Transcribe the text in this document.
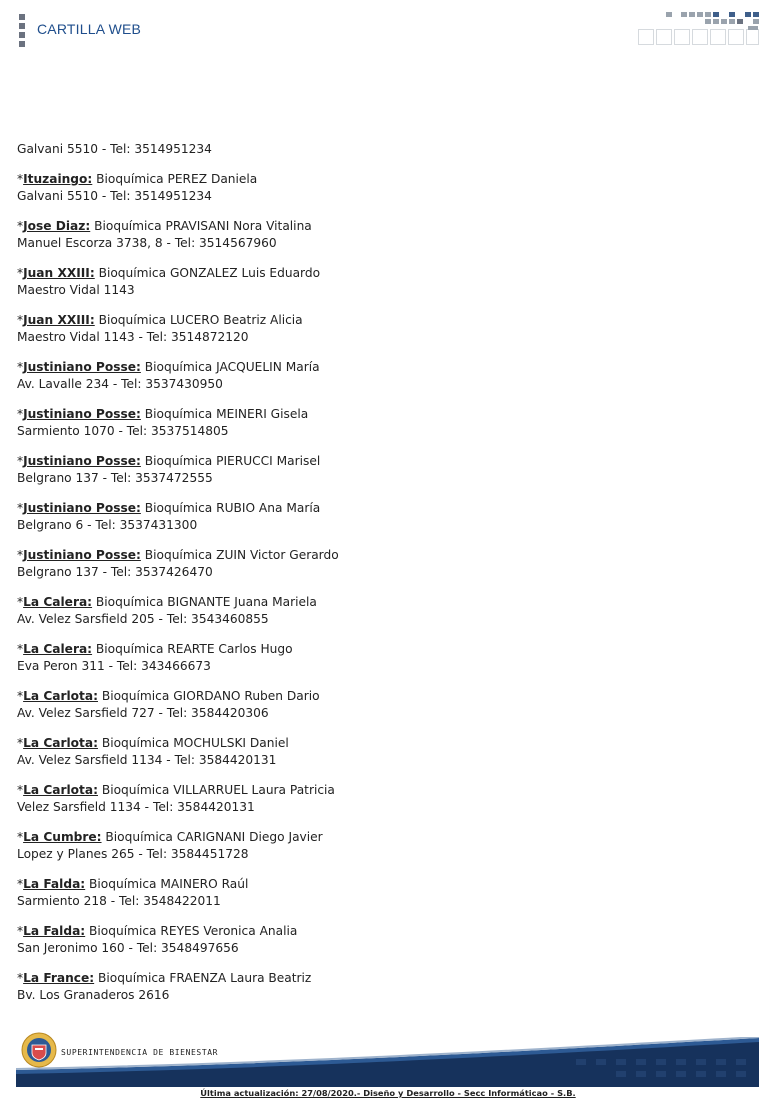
CARTILLA WEB
Galvani 5510 - Tel: 3514951234
*Ituzaingo: Bioquímica PEREZ Daniela
Galvani 5510 - Tel: 3514951234
*Jose Diaz: Bioquímica PRAVISANI Nora Vitalina
Manuel Escorza 3738, 8 - Tel: 3514567960
*Juan XXIII: Bioquímica GONZALEZ Luis Eduardo
Maestro Vidal 1143
*Juan XXIII: Bioquímica LUCERO Beatriz Alicia
Maestro Vidal 1143 - Tel: 3514872120
*Justiniano Posse: Bioquímica JACQUELIN María
Av. Lavalle 234 - Tel: 3537430950
*Justiniano Posse: Bioquímica MEINERI Gisela
Sarmiento 1070 - Tel: 3537514805
*Justiniano Posse: Bioquímica PIERUCCI Marisel
Belgrano 137 - Tel: 3537472555
*Justiniano Posse: Bioquímica RUBIO Ana María
Belgrano 6 - Tel: 3537431300
*Justiniano Posse: Bioquímica ZUIN Victor Gerardo
Belgrano 137 - Tel: 3537426470
*La Calera: Bioquímica BIGNANTE Juana Mariela
Av. Velez Sarsfield 205 - Tel: 3543460855
*La Calera: Bioquímica REARTE Carlos Hugo
Eva Peron 311 - Tel: 343466673
*La Carlota: Bioquímica GIORDANO Ruben Dario
Av. Velez Sarsfield 727 - Tel: 3584420306
*La Carlota: Bioquímica MOCHULSKI Daniel
Av. Velez Sarsfield 1134 - Tel: 3584420131
*La Carlota: Bioquímica VILLARRUEL Laura Patricia
Velez Sarsfield 1134 - Tel: 3584420131
*La Cumbre: Bioquímica CARIGNANI Diego Javier
Lopez y Planes 265 - Tel: 3584451728
*La Falda: Bioquímica MAINERO Raúl
Sarmiento 218 - Tel: 3548422011
*La Falda: Bioquímica REYES Veronica Analia
San Jeronimo 160 - Tel: 3548497656
*La France: Bioquímica FRAENZA Laura Beatriz
Bv. Los Granaderos 2616
SUPERINTENDENCIA DE BIENESTAR
Última actualización: 27/08/2020.- Diseño y Desarrollo - Secc Informáticao - S.B.
